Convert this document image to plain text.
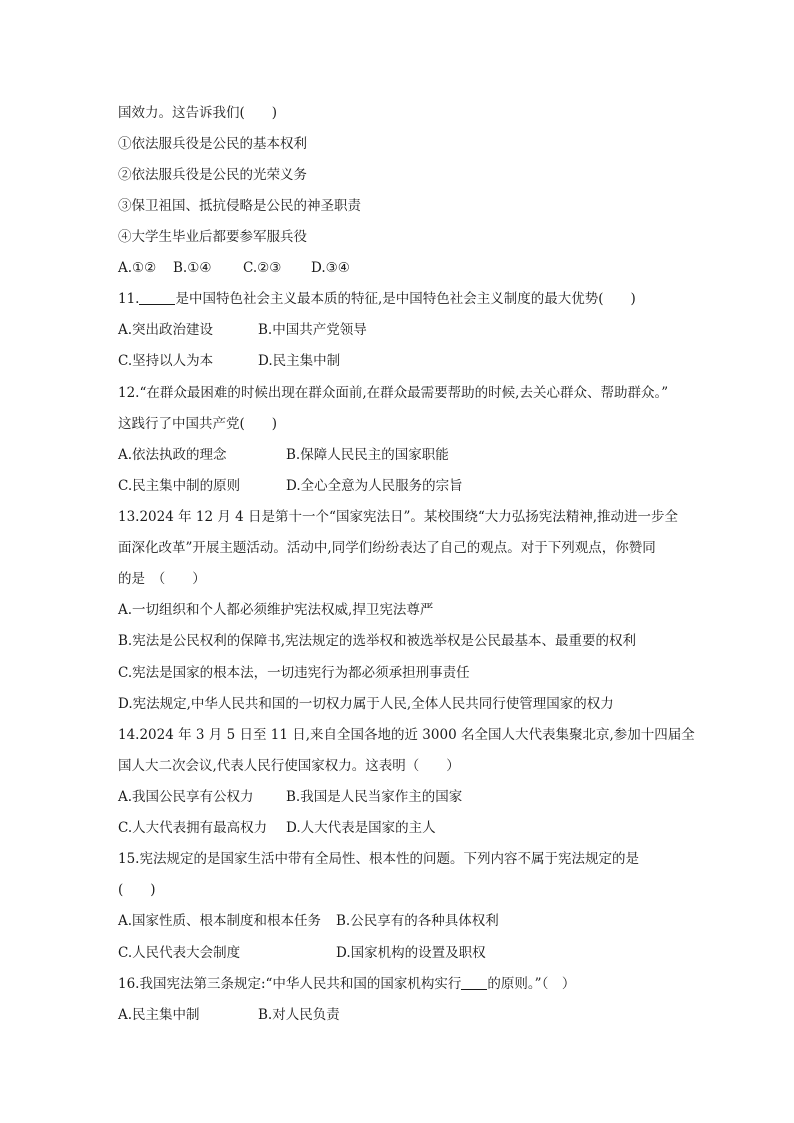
国效力。这告诉我们(　　)
①依法服兵役是公民的基本权利
②依法服兵役是公民的光荣义务
③保卫祖国、抵抗侵略是公民的神圣职责
④大学生毕业后都要参军服兵役
A.①② B.①④ C.②③ D.③④
11.	是中国特色社会主义最本质的特征,是中国特色社会主义制度的最大优势(　　)
A.突出政治建设	B.中国共产党领导
C.坚持以人为本	D.民主集中制
12.“在群众最困难的时候出现在群众面前,在群众最需要帮助的时候,去关心群众、帮助群众。”
这践行了中国共产党(　　)
A.依法执政的理念	B.保障人民民主的国家职能
C.民主集中制的原则	D.全心全意为人民服务的宗旨
13.2024 年 12 月 4 日是第十一个“国家宪法日”。某校围绕“大力弘扬宪法精神,推动进一步全
面深化改革”开展主题活动。活动中,同学们纷纷表达了自己的观点。对于下列观点，你赞同
的是　（　　）
A.一切组织和个人都必须维护宪法权威,捍卫宪法尊严
B.宪法是公民权利的保障书,宪法规定的选举权和被选举权是公民最基本、最重要的权利
C.宪法是国家的根本法，一切违宪行为都必须承担刑事责任
D.宪法规定,中华人民共和国的一切权力属于人民,全体人民共同行使管理国家的权力
14.2024 年 3 月 5 日至 11 日,来自全国各地的近 3000 名全国人大代表集聚北京,参加十四届全
国人大二次会议,代表人民行使国家权力。这表明（　　）
A.我国公民享有公权力 B.我国是人民当家作主的国家
C.人大代表拥有最高权力 D.人大代表是国家的主人
15.宪法规定的是国家生活中带有全局性、根本性的问题。下列内容不属于宪法规定的是
(　　)
A.国家性质、根本制度和根本任务 B.公民享有的各种具体权利
C.人民代表大会制度	D.国家机构的设置及职权
16.我国宪法第三条规定:“中华人民共和国的国家机构实行 的原则。”（　）
A.民主集中制	B.对人民负责
